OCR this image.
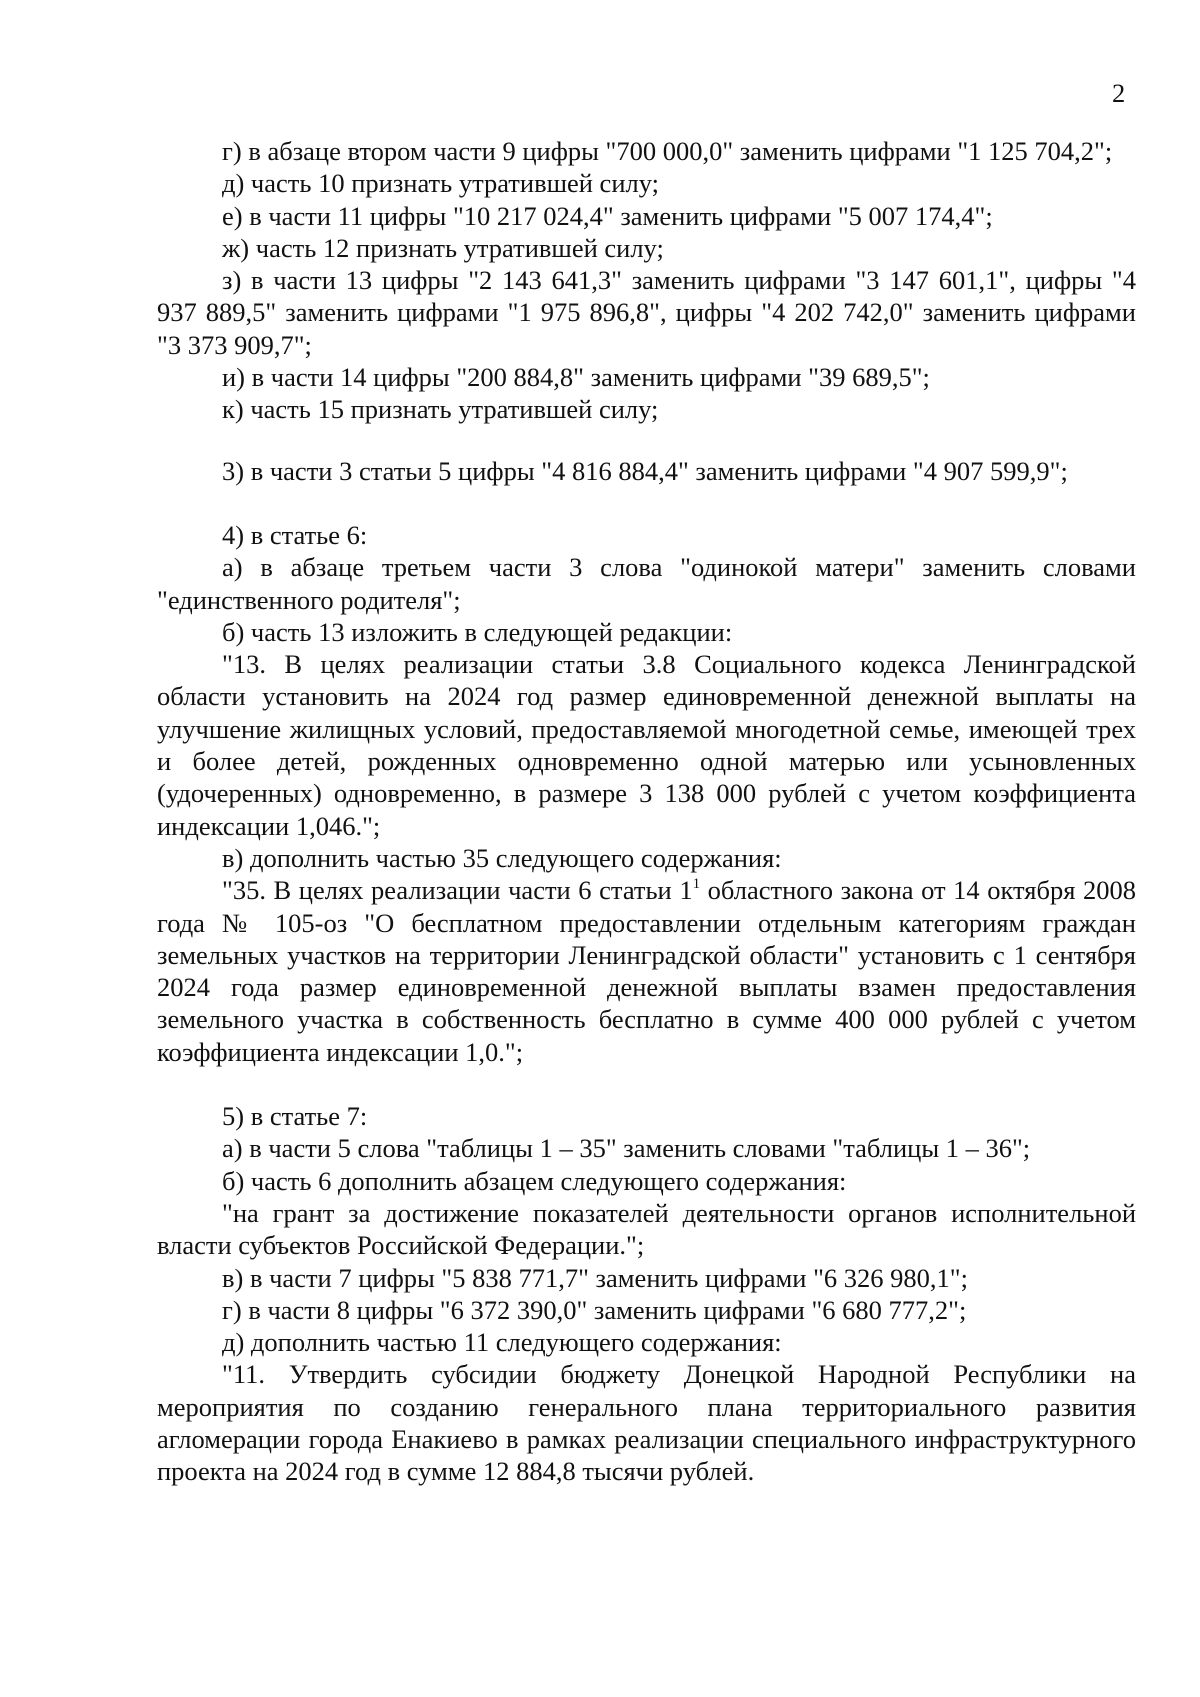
2

г) в абзаце втором части 9 цифры "700 000,0" заменить цифрами "1 125 704,2";

д) часть 10 признать утратившей силу;

е) в части 11 цифры "10 217 024,4" заменить цифрами "5 007 174,4";

ж) часть 12 признать утратившей силу;

з) в части 13 цифры "2 143 641,3" заменить цифрами "3 147 601,1", цифры "4 937 889,5" заменить цифрами "1 975 896,8", цифры "4 202 742,0" заменить цифрами "3 373 909,7";

и) в части 14 цифры "200 884,8" заменить цифрами "39 689,5";

к) часть 15 признать утратившей силу;

3) в части 3 статьи 5 цифры "4 816 884,4" заменить цифрами "4 907 599,9";

4) в статье 6:

а) в абзаце третьем части 3 слова "одинокой матери" заменить словами "единственного родителя";

б) часть 13 изложить в следующей редакции:

"13. В целях реализации статьи 3.8 Социального кодекса Ленинградской области установить на 2024 год размер единовременной денежной выплаты на улучшение жилищных условий, предоставляемой многодетной семье, имеющей трех и более детей, рожденных одновременно одной матерью или усыновленных (удочеренных) одновременно, в размере 3 138 000 рублей с учетом коэффициента индексации 1,046.";

в) дополнить частью 35 следующего содержания:

"35. В целях реализации части 6 статьи $1^1$ областного закона от 14 октября 2008 года № 105-оз "О бесплатном предоставлении отдельным категориям граждан земельных участков на территории Ленинградской области" установить с 1 сентября 2024 года размер единовременной денежной выплаты взамен предоставления земельного участка в собственность бесплатно в сумме 400 000 рублей с учетом коэффициента индексации 1,0.";

5) в статье 7:

а) в части 5 слова "таблицы 1 – 35" заменить словами "таблицы 1 – 36";

б) часть 6 дополнить абзацем следующего содержания:

"на грант за достижение показателей деятельности органов исполнительной власти субъектов Российской Федерации.";

в) в части 7 цифры "5 838 771,7" заменить цифрами "6 326 980,1";

г) в части 8 цифры "6 372 390,0" заменить цифрами "6 680 777,2";

д) дополнить частью 11 следующего содержания:

"11. Утвердить субсидии бюджету Донецкой Народной Республики на мероприятия по созданию генерального плана территориального развития агломерации города Енакиево в рамках реализации специального инфраструктурного проекта на 2024 год в сумме 12 884,8 тысячи рублей.
